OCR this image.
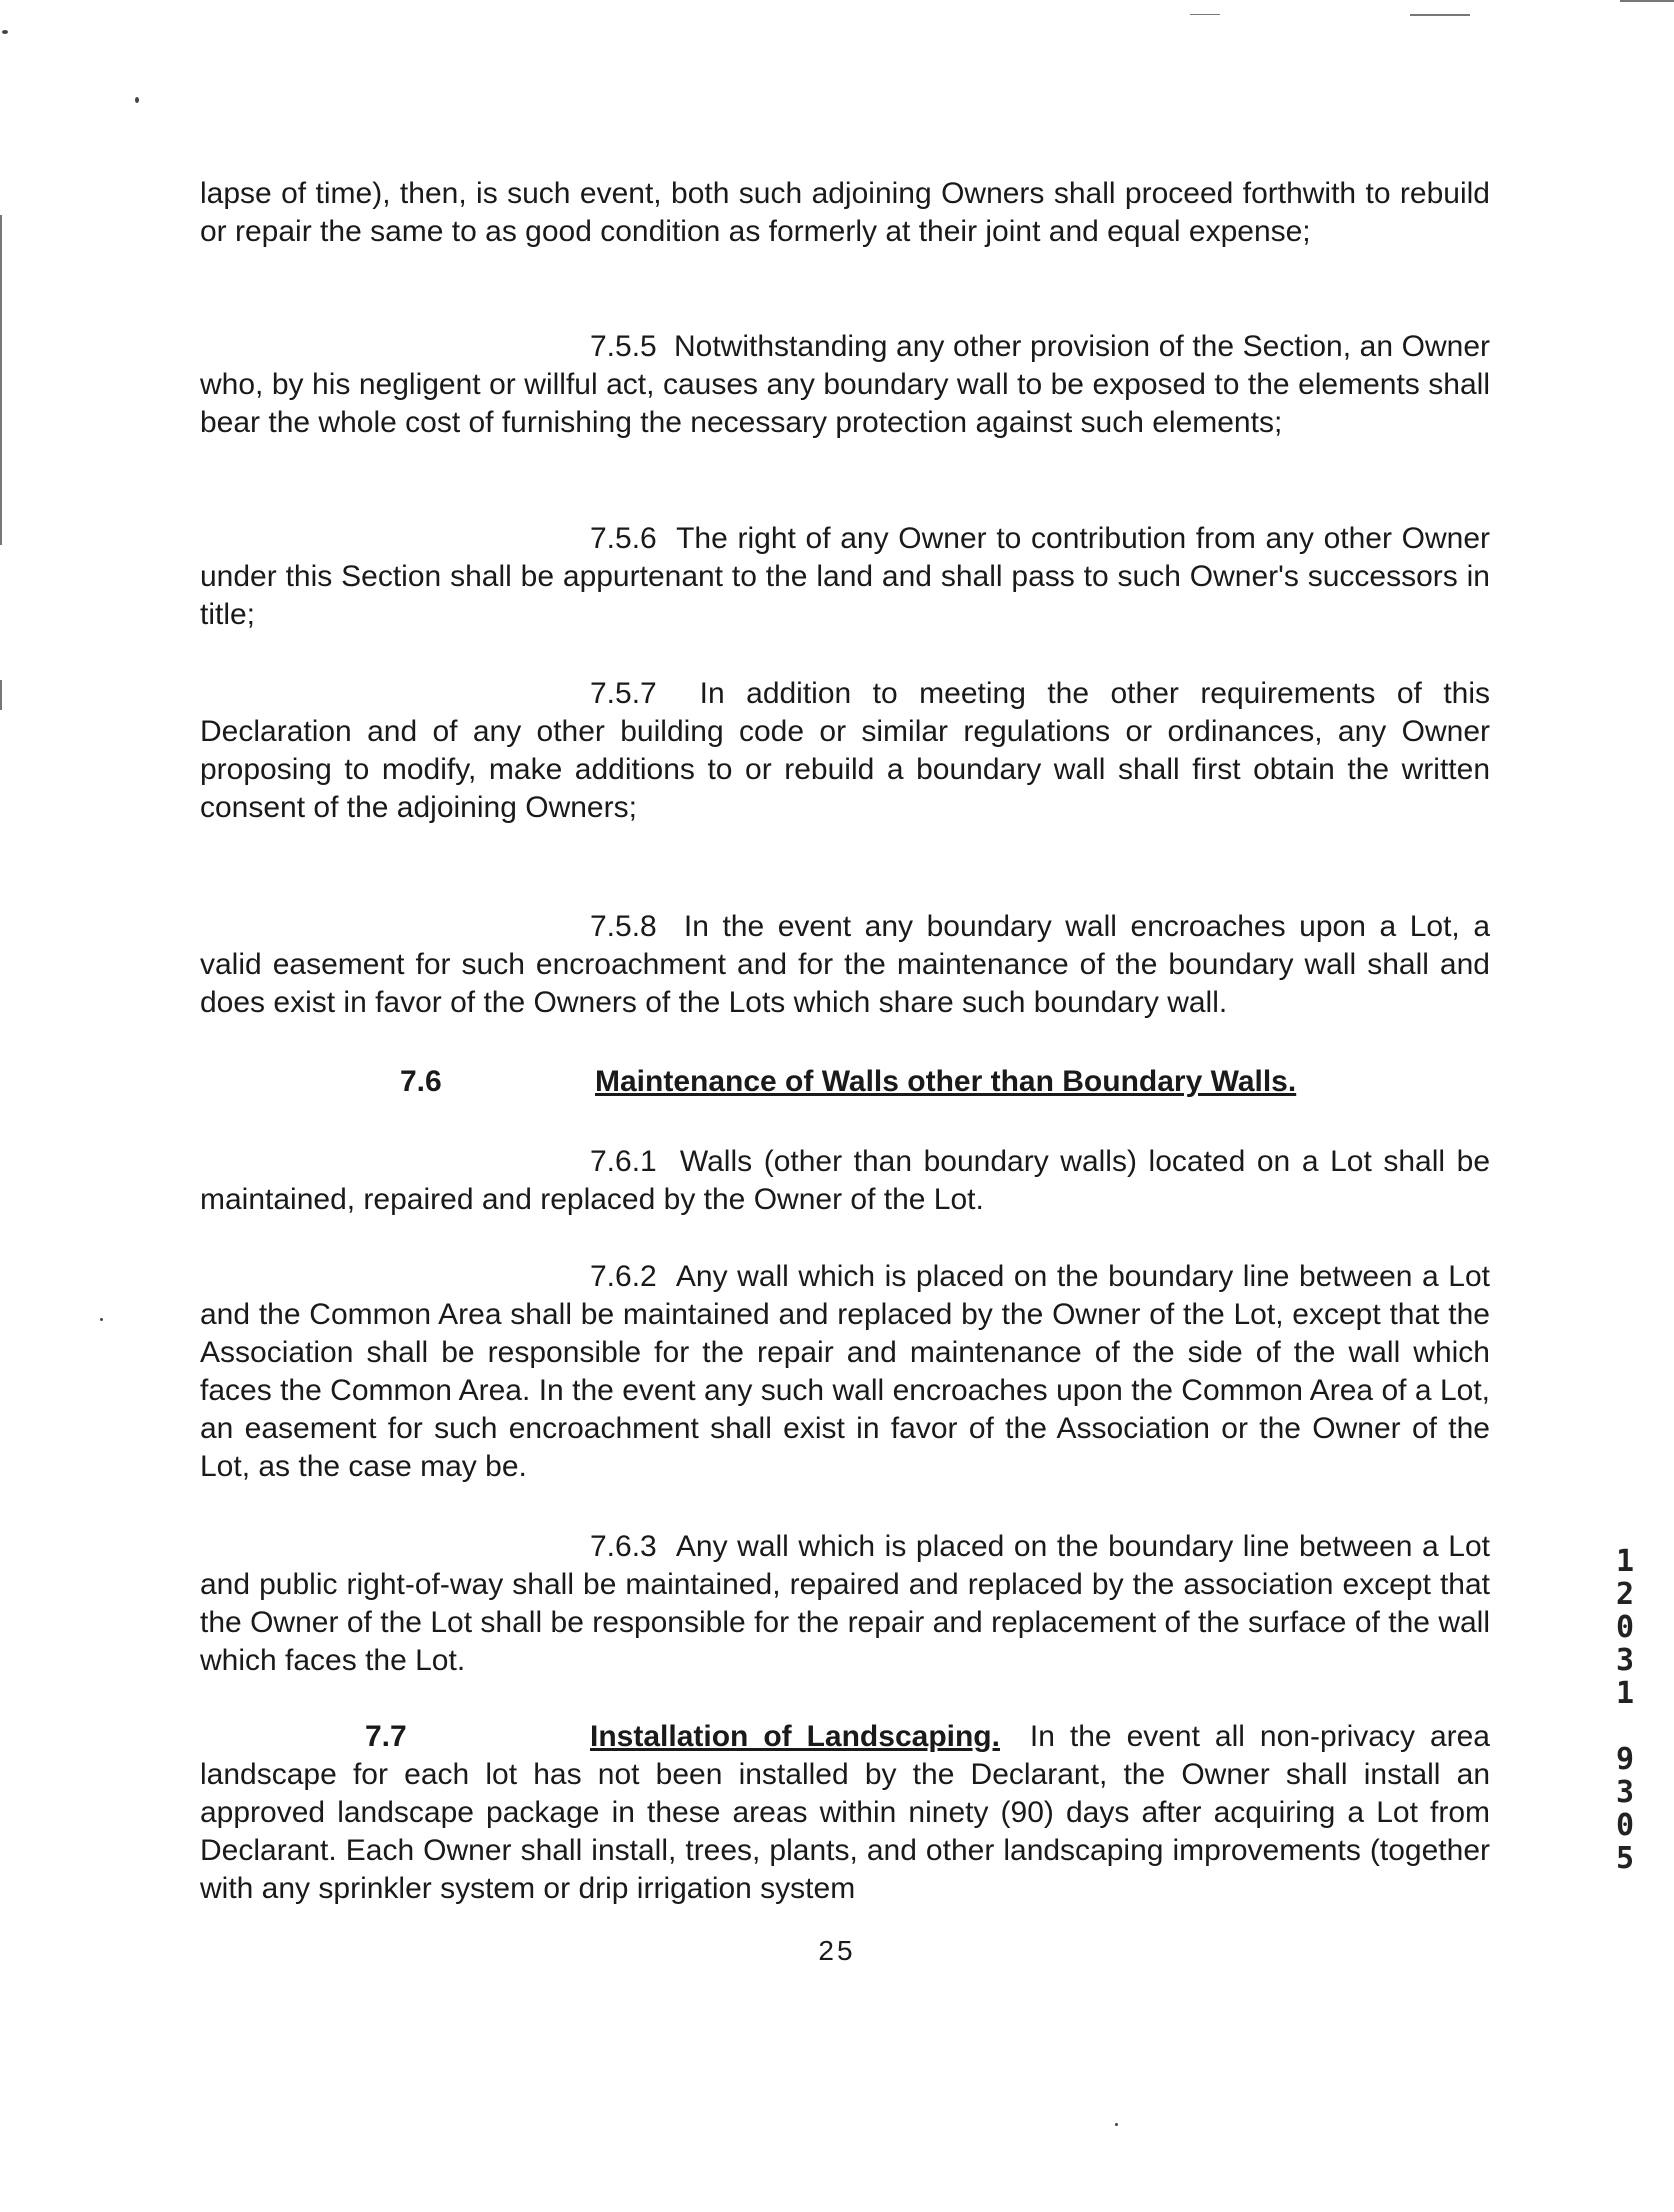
lapse of time), then, is such event, both such adjoining Owners shall proceed forthwith to rebuild or repair the same to as good condition as formerly at their joint and equal expense;

7.5.5 Notwithstanding any other provision of the Section, an Owner who, by his negligent or willful act, causes any boundary wall to be exposed to the elements shall bear the whole cost of furnishing the necessary protection against such elements;

7.5.6 The right of any Owner to contribution from any other Owner under this Section shall be appurtenant to the land and shall pass to such Owner's successors in title;

7.5.7 In addition to meeting the other requirements of this Declaration and of any other building code or similar regulations or ordinances, any Owner proposing to modify, make additions to or rebuild a boundary wall shall first obtain the written consent of the adjoining Owners;

7.5.8 In the event any boundary wall encroaches upon a Lot, a valid easement for such encroachment and for the maintenance of the boundary wall shall and does exist in favor of the Owners of the Lots which share such boundary wall.

7.6	Maintenance of Walls other than Boundary Walls.

7.6.1 Walls (other than boundary walls) located on a Lot shall be maintained, repaired and replaced by the Owner of the Lot.

7.6.2 Any wall which is placed on the boundary line between a Lot and the Common Area shall be maintained and replaced by the Owner of the Lot, except that the Association shall be responsible for the repair and maintenance of the side of the wall which faces the Common Area. In the event any such wall encroaches upon the Common Area of a Lot, an easement for such encroachment shall exist in favor of the Association or the Owner of the Lot, as the case may be.

7.6.3 Any wall which is placed on the boundary line between a Lot and public right-of-way shall be maintained, repaired and replaced by the association except that the Owner of the Lot shall be responsible for the repair and replacement of the surface of the wall which faces the Lot.

7.7	Installation of Landscaping. In the event all non-privacy area landscape for each lot has not been installed by the Declarant, the Owner shall install an approved landscape package in these areas within ninety (90) days after acquiring a Lot from Declarant. Each Owner shall install, trees, plants, and other landscaping improvements (together with any sprinkler system or drip irrigation system

25
1
2
0
3
1
9
3
0
5
